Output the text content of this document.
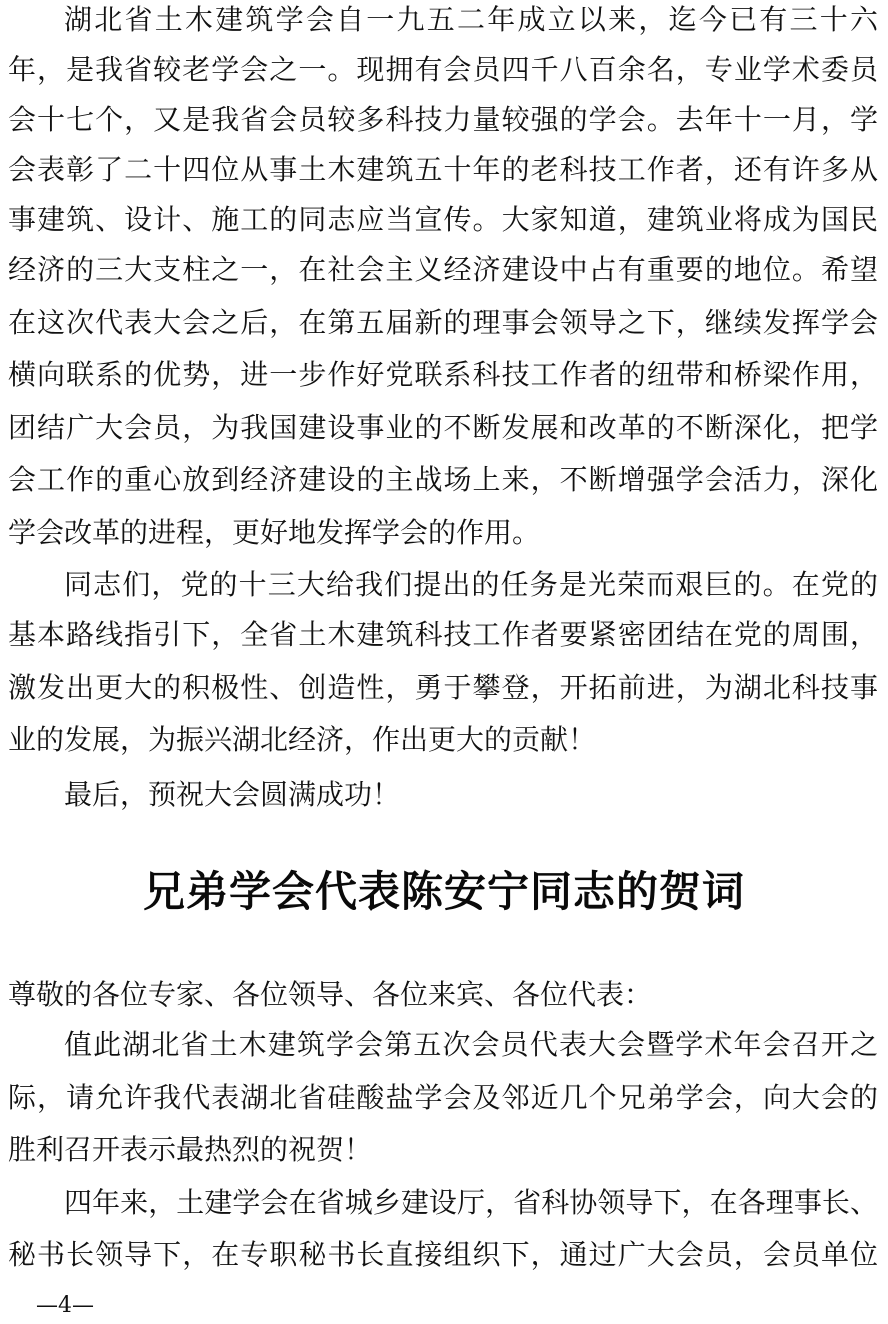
湖北省土木建筑学会自一九五二年成立以来，迄今已有三十六
年，是我省较老学会之一。现拥有会员四千八百余名，专业学术委员
会十七个，又是我省会员较多科技力量较强的学会。去年十一月，学
会表彰了二十四位从事土木建筑五十年的老科技工作者，还有许多从
事建筑、设计、施工的同志应当宣传。大家知道，建筑业将成为国民
经济的三大支柱之一，在社会主义经济建设中占有重要的地位。希望
在这次代表大会之后，在第五届新的理事会领导之下，继续发挥学会
横向联系的优势，进一步作好党联系科技工作者的纽带和桥梁作用，
团结广大会员，为我国建设事业的不断发展和改革的不断深化，把学
会工作的重心放到经济建设的主战场上来，不断增强学会活力，深化
学会改革的进程，更好地发挥学会的作用。
同志们，党的十三大给我们提出的任务是光荣而艰巨的。在党的
基本路线指引下，全省土木建筑科技工作者要紧密团结在党的周围，
激发出更大的积极性、创造性，勇于攀登，开拓前进，为湖北科技事
业的发展，为振兴湖北经济，作出更大的贡献！
最后，预祝大会圆满成功！
兄弟学会代表陈安宁同志的贺词
尊敬的各位专家、各位领导、各位来宾、各位代表：
值此湖北省土木建筑学会第五次会员代表大会暨学术年会召开之
际，请允许我代表湖北省硅酸盐学会及邻近几个兄弟学会，向大会的
胜利召开表示最热烈的祝贺！
四年来，土建学会在省城乡建设厅，省科协领导下，在各理事长、
秘书长领导下，在专职秘书长直接组织下，通过广大会员，会员单位
—4—
